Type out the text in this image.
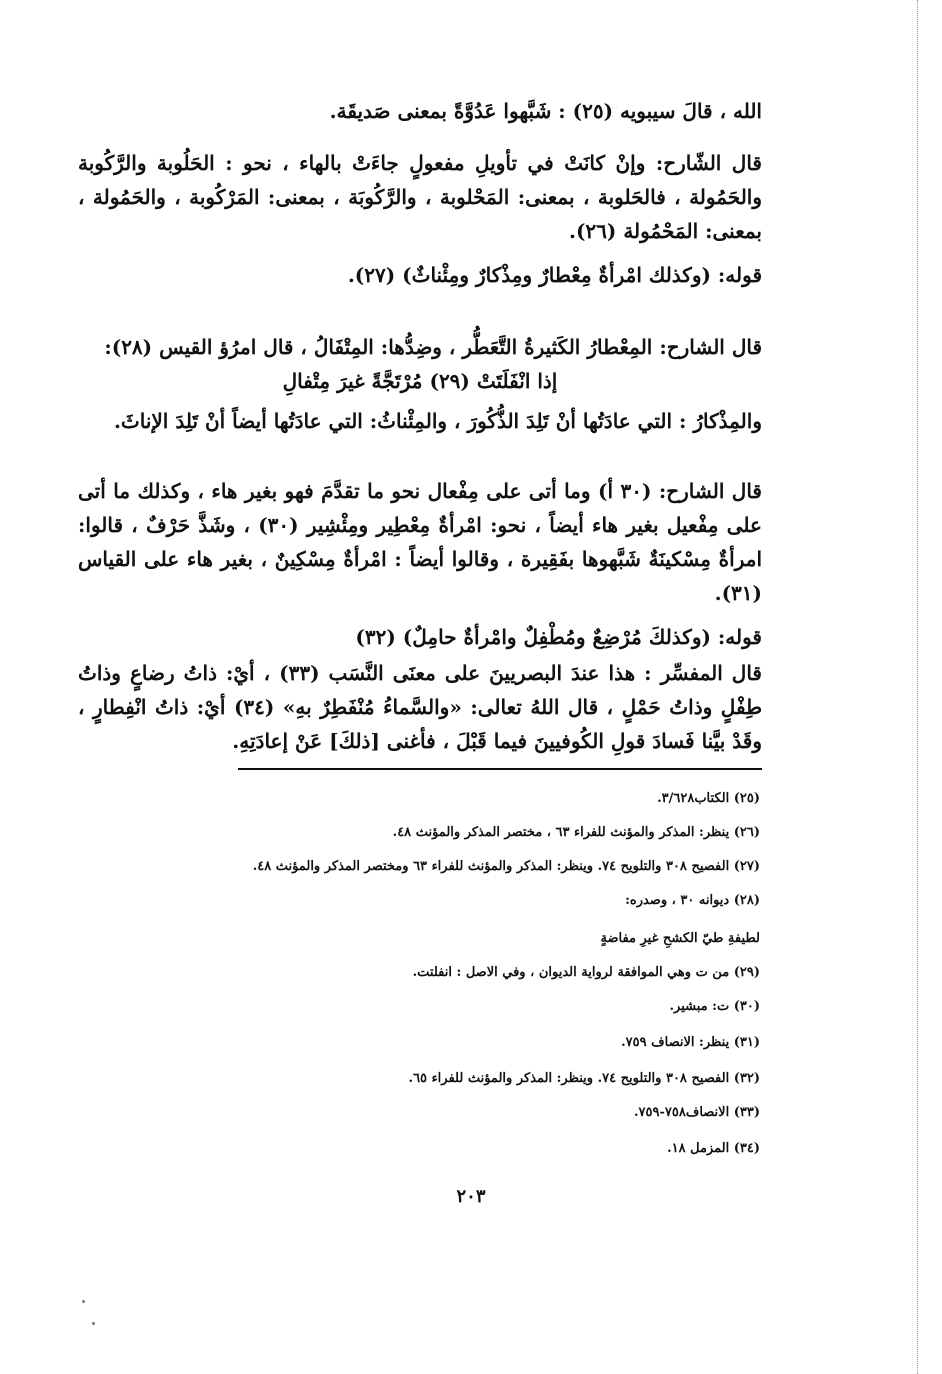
الله ، قالَ سيبويه (٢٥) : شَبَّهوا عَدُوَّةً بمعنى صَديقَة.

قال الشّارح: وإنْ كانَتْ في تأويلِ مفعولٍ جاءَتْ بالهاء ، نحو : الحَلُوبة والرَّكُوبة والحَمُولة ، فالحَلوبة ، بمعنى: المَحْلوبة ، والرَّكُوبَة ، بمعنى: المَرْكُوبة ، والحَمُولة ، بمعنى: المَحْمُولة (٢٦).

قوله: (وكذلك امْرأةٌ مِعْطارٌ ومِذْكارٌ ومِئْناثٌ) (٢٧).

قال الشارح: المِعْطارُ الكَثيرةُ التَّعَطُّر ، وضِدُّها: المِتْفَالُ ، قال امرُؤ القيس (٢٨):

إذا انْفَلَتَتْ (٢٩) مُرْتَجَّةً غيرَ مِتْفالِ

والمِذْكارُ : التي عادَتُها أنْ تَلِدَ الذُّكُورَ ، والمِئْناثُ: التي عادَتُها أيضاً أنْ تَلِدَ الإناثَ.

قال الشارح: (٣٠ أ) وما أتى على مِفْعال نحو ما تقدَّمَ فهو بغير هاء ، وكذلك ما أتى على مِفْعيل بغير هاء أيضاً ، نحو: امْرأةٌ مِعْطِير ومِئْشِير (٣٠) ، وشَذَّ حَرْفٌ ، قالوا: امرأةٌ مِسْكينَةٌ شَبَّهوها بفَقِيرة ، وقالوا أيضاً : امْرأةٌ مِسْكِينٌ ، بغير هاء على القياس (٣١).

قوله: (وكذلكَ مُرْضِعٌ ومُطْفِلٌ وامْرأةٌ حامِلٌ) (٣٢)

قال المفسِّر : هذا عندَ البصريينَ على معنَى النَّسَب (٣٣) ، أيْ: ذاتُ رضاعٍ وذاتُ طِفْلٍ وذاتُ حَمْلٍ ، قال اللهُ تعالى: «والسَّماءُ مُنْفَطِرٌ بهِ» (٣٤) أيْ: ذاتُ انْفِطارٍ ، وقَدْ بيَّنا فَسادَ قولِ الكُوفيينَ فيما قَبْلَ ، فأغنى [ذلكَ] عَنْ إعادَتِهِ.

(٢٥) الكتاب٣/٦٢٨.

(٢٦) ينظر: المذكر والمؤنث للفراء ٦٣ ، مختصر المذكر والمؤنث ٤٨.

(٢٧) الفصيح ٣٠٨ والتلويح ٧٤. وينظر: المذكر والمؤنث للفراء ٦٣ ومختصر المذكر والمؤنث ٤٨.

(٢٨) ديوانه ٣٠ ، وصدره:

لطيفةِ طيّ الكشحِ غيرِ مفاضةٍ

(٢٩) من ت وهي الموافقة لرواية الديوان ، وفي الاصل : انفلتت.

(٣٠) ت: مبشير.

(٣١) ينظر: الانصاف ٧٥٩.

(٣٢) الفصيح ٣٠٨ والتلويح ٧٤. وينظر: المذكر والمؤنث للفراء ٦٥.

(٣٣) الانصاف٧٥٨-٧٥٩.

(٣٤) المزمل ١٨.

٢٠٣
